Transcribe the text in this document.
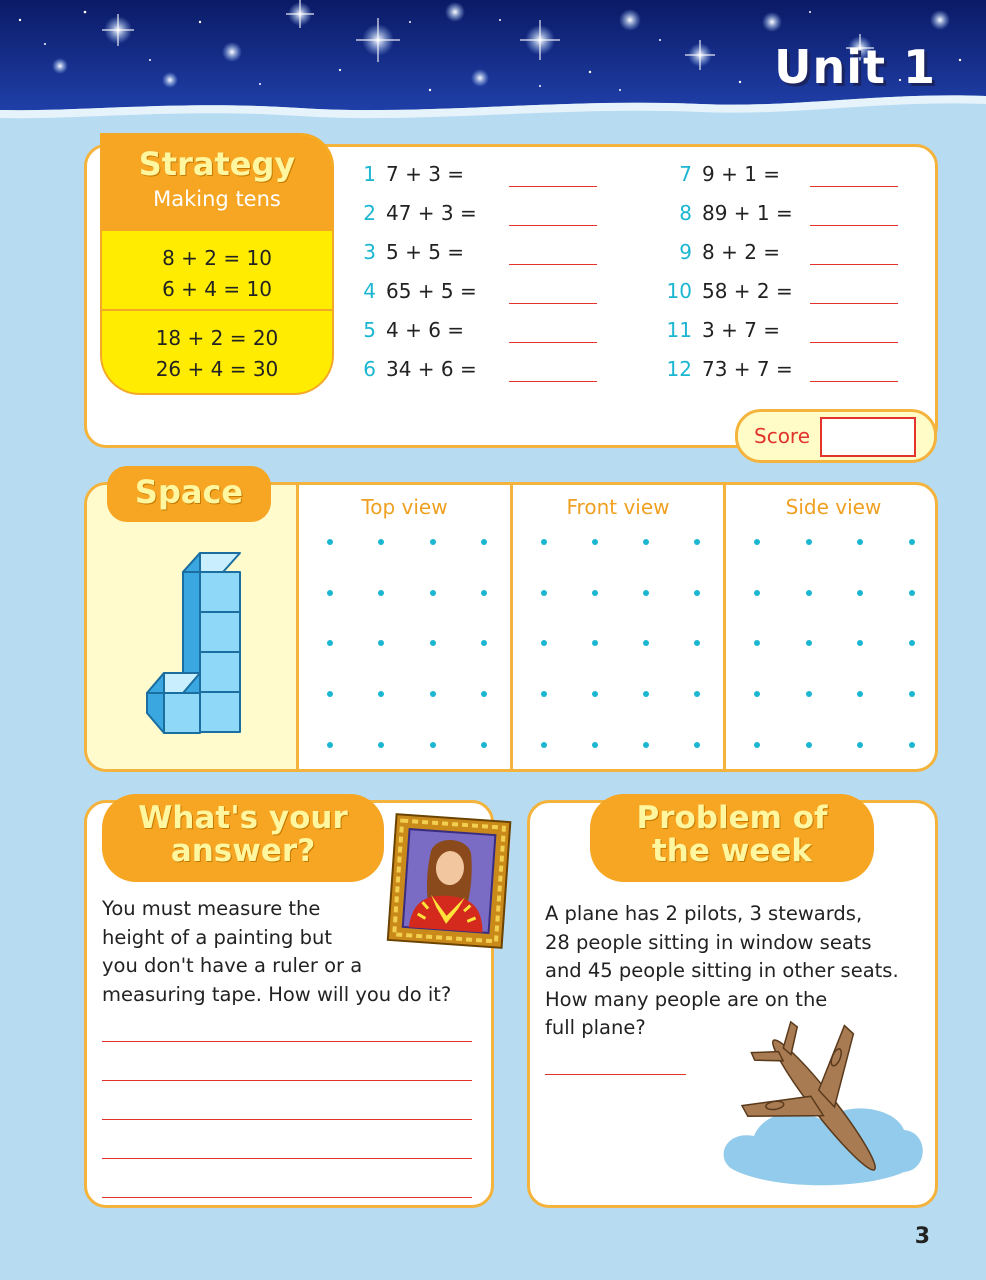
Unit 1
Strategy
Making tens
8 + 2 = 10
6 + 4 = 10
18 + 2 = 20
26 + 4 = 30
1 7 + 3 =
2 47 + 3 =
3 5 + 5 =
4 65 + 5 =
5 4 + 6 =
6 34 + 6 =
7 9 + 1 =
8 89 + 1 =
9 8 + 2 =
10 58 + 2 =
11 3 + 7 =
12 73 + 7 =
Score
Top view	Front view	Side view
Space
What's your
answer?
You must measure the
height of a painting but
you don't have a ruler or a
measuring tape. How will you do it?
Problem of
the week
A plane has 2 pilots, 3 stewards,
28 people sitting in window seats
and 45 people sitting in other seats.
How many people are on the
full plane?
3
